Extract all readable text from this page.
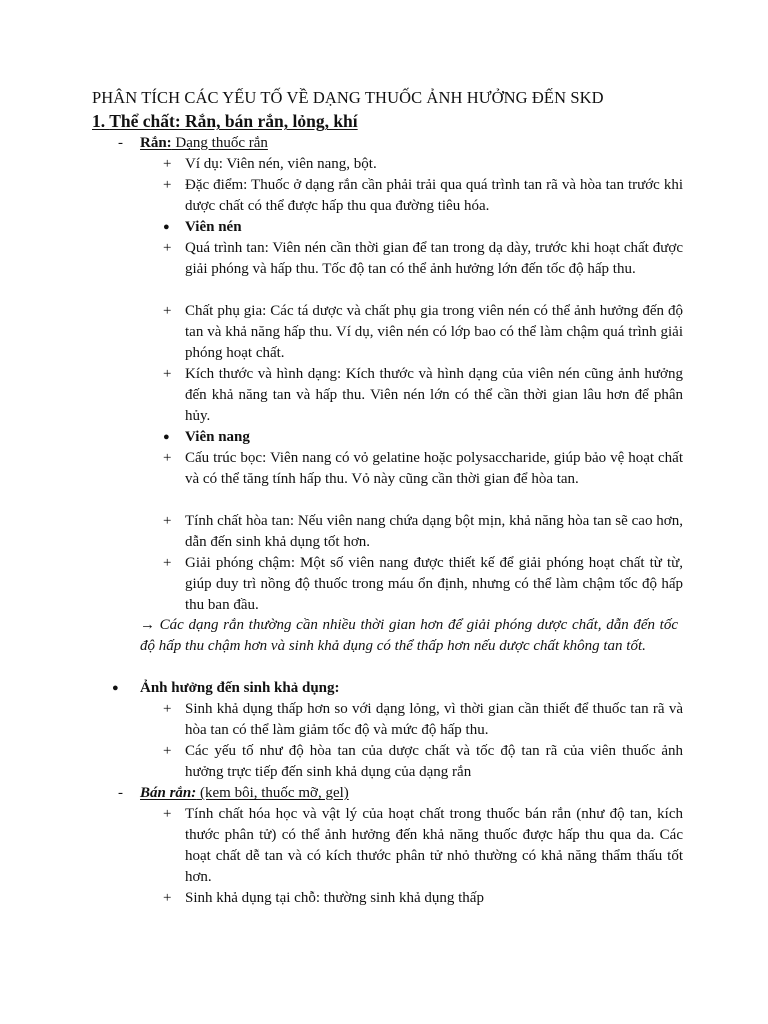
PHÂN TÍCH CÁC YẾU TỐ VỀ DẠNG THUỐC ẢNH HƯỞNG ĐẾN SKD
1. Thể chất: Rắn, bán rắn, lỏng, khí
- Rắn: Dạng thuốc rắn
+ Ví dụ: Viên nén, viên nang, bột.
+ Đặc điểm: Thuốc ở dạng rắn cần phải trải qua quá trình tan rã và hòa tan trước khi dược chất có thể được hấp thu qua đường tiêu hóa.
● Viên nén
+ Quá trình tan: Viên nén cần thời gian để tan trong dạ dày, trước khi hoạt chất được giải phóng và hấp thu. Tốc độ tan có thể ảnh hưởng lớn đến tốc độ hấp thu.
+ Chất phụ gia: Các tá dược và chất phụ gia trong viên nén có thể ảnh hưởng đến độ tan và khả năng hấp thu. Ví dụ, viên nén có lớp bao có thể làm chậm quá trình giải phóng hoạt chất.
+ Kích thước và hình dạng: Kích thước và hình dạng của viên nén cũng ảnh hưởng đến khả năng tan và hấp thu. Viên nén lớn có thể cần thời gian lâu hơn để phân hủy.
● Viên nang
+ Cấu trúc bọc: Viên nang có vỏ gelatine hoặc polysaccharide, giúp bảo vệ hoạt chất và có thể tăng tính hấp thu. Vỏ này cũng cần thời gian để hòa tan.
+ Tính chất hòa tan: Nếu viên nang chứa dạng bột mịn, khả năng hòa tan sẽ cao hơn, dẫn đến sinh khả dụng tốt hơn.
+ Giải phóng chậm: Một số viên nang được thiết kế để giải phóng hoạt chất từ từ, giúp duy trì nồng độ thuốc trong máu ổn định, nhưng có thể làm chậm tốc độ hấp thu ban đầu.
→ Các dạng rắn thường cần nhiều thời gian hơn để giải phóng dược chất, dẫn đến tốc độ hấp thu chậm hơn và sinh khả dụng có thể thấp hơn nếu dược chất không tan tốt.
● Ảnh hưởng đến sinh khả dụng:
+ Sinh khả dụng thấp hơn so với dạng lỏng, vì thời gian cần thiết để thuốc tan rã và hòa tan có thể làm giảm tốc độ và mức độ hấp thu.
+ Các yếu tố như độ hòa tan của dược chất và tốc độ tan rã của viên thuốc ảnh hưởng trực tiếp đến sinh khả dụng của dạng rắn
- Bán rắn: (kem bôi, thuốc mỡ, gel)
+ Tính chất hóa học và vật lý của hoạt chất trong thuốc bán rắn (như độ tan, kích thước phân tử) có thể ảnh hưởng đến khả năng thuốc được hấp thu qua da. Các hoạt chất dễ tan và có kích thước phân tử nhỏ thường có khả năng thẩm thấu tốt hơn.
+ Sinh khả dụng tại chỗ: thường sinh khả dụng thấp
